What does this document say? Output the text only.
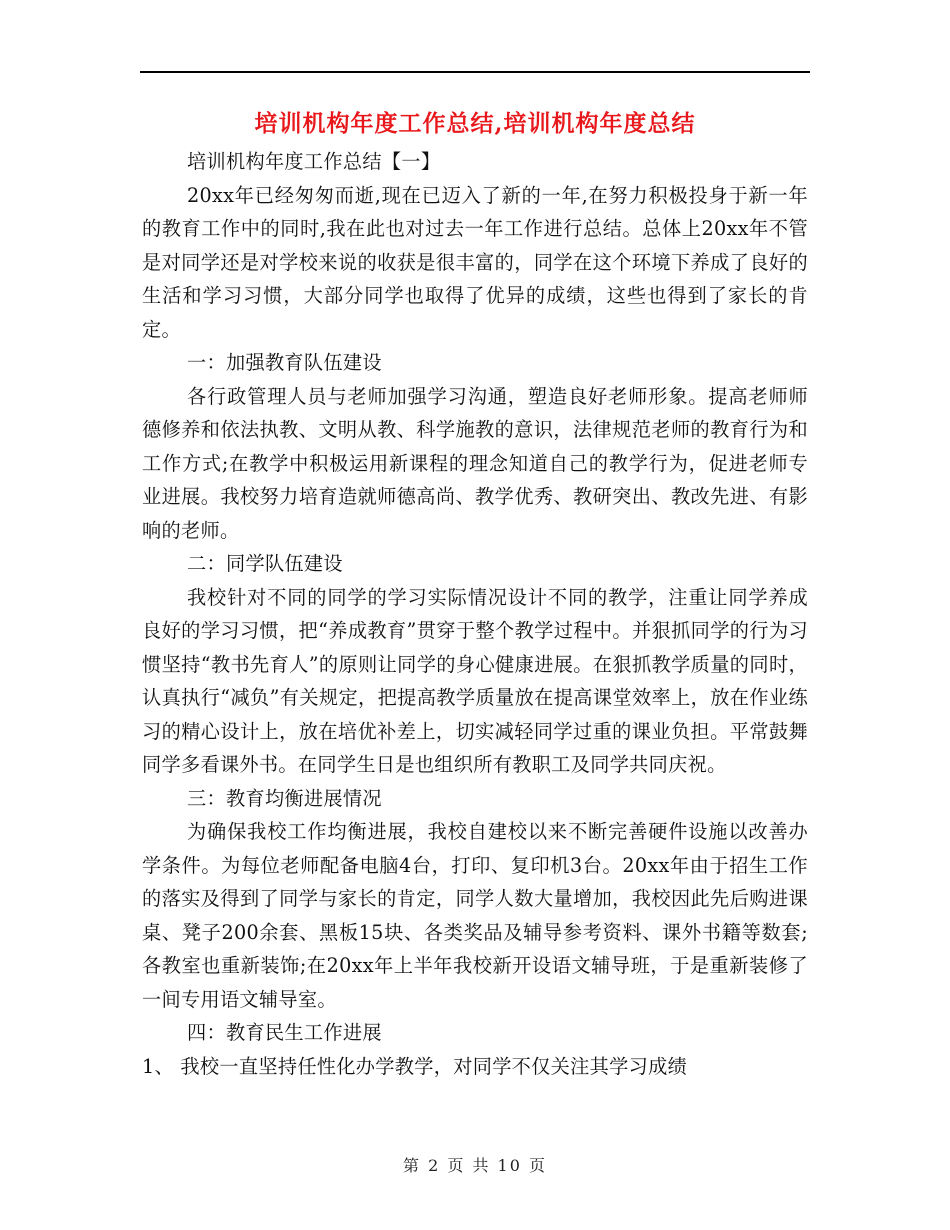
培训机构年度工作总结,培训机构年度总结

培训机构年度工作总结【一】

20xx年已经匆匆而逝,现在已迈入了新的一年,在努力积极投身于新一年的教育工作中的同时,我在此也对过去一年工作进行总结。总体上20xx年不管是对同学还是对学校来说的收获是很丰富的，同学在这个环境下养成了良好的生活和学习习惯，大部分同学也取得了优异的成绩，这些也得到了家长的肯定。

一：加强教育队伍建设

各行政管理人员与老师加强学习沟通，塑造良好老师形象。提高老师师德修养和依法执教、文明从教、科学施教的意识，法律规范老师的教育行为和工作方式;在教学中积极运用新课程的理念知道自己的教学行为，促进老师专业进展。我校努力培育造就师德高尚、教学优秀、教研突出、教改先进、有影响的老师。

二：同学队伍建设

我校针对不同的同学的学习实际情况设计不同的教学，注重让同学养成良好的学习习惯，把“养成教育”贯穿于整个教学过程中。并狠抓同学的行为习惯坚持“教书先育人”的原则让同学的身心健康进展。在狠抓教学质量的同时，认真执行“减负”有关规定，把提高教学质量放在提高课堂效率上，放在作业练习的精心设计上，放在培优补差上，切实减轻同学过重的课业负担。平常鼓舞同学多看课外书。在同学生日是也组织所有教职工及同学共同庆祝。

三：教育均衡进展情况

为确保我校工作均衡进展，我校自建校以来不断完善硬件设施以改善办学条件。为每位老师配备电脑4台，打印、复印机3台。20xx年由于招生工作的落实及得到了同学与家长的肯定，同学人数大量增加，我校因此先后购进课桌、凳子200余套、黑板15块、各类奖品及辅导参考资料、课外书籍等数套;各教室也重新装饰;在20xx年上半年我校新开设语文辅导班，于是重新装修了一间专用语文辅导室。

四：教育民生工作进展

1、 我校一直坚持任性化办学教学，对同学不仅关注其学习成绩

第 2 页 共 10 页
